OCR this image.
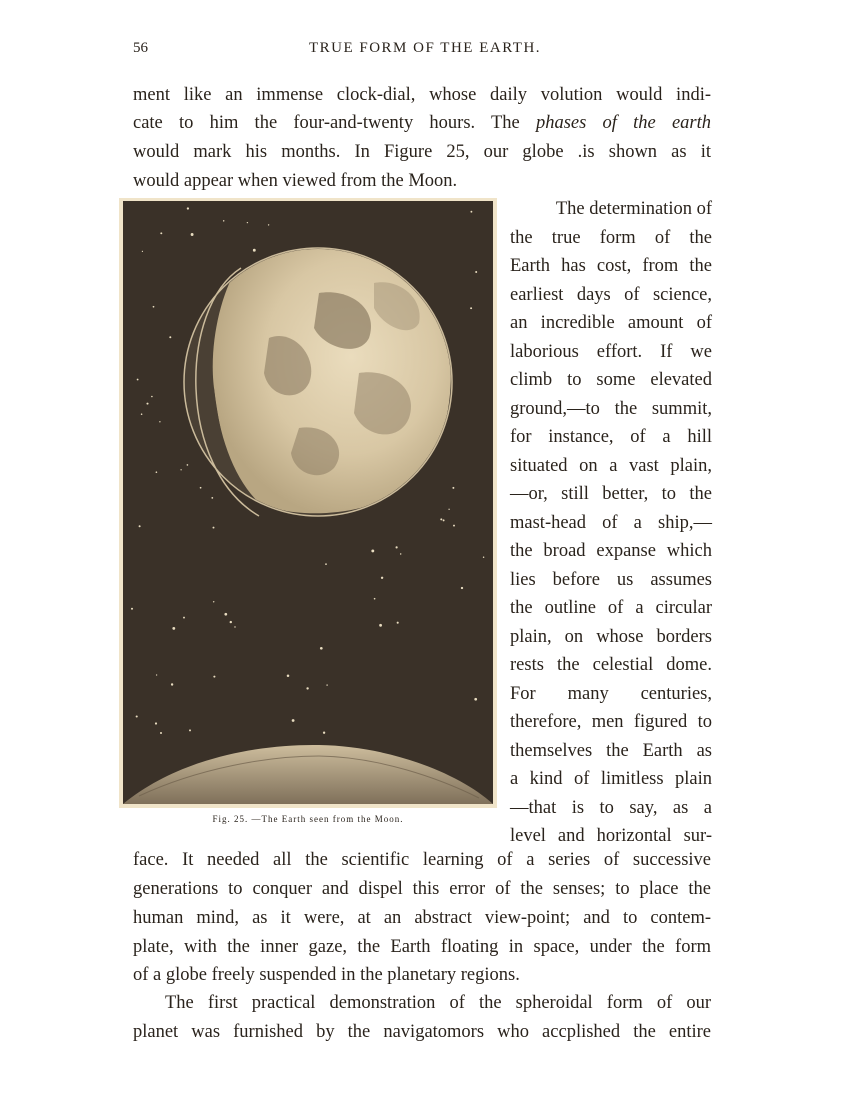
56	TRUE FORM OF THE EARTH.
ment like an immense clock-dial, whose daily volution would indi-
cate to him the four-and-twenty hours. The phases of the earth
would mark his months. In Figure 25, our globe .is shown as it
would appear when viewed from the Moon.
Fig. 25. —The Earth seen from the Moon.
The determination of
the true form of the
Earth has cost, from the
earliest days of science,
an incredible amount of
laborious effort. If we
climb to some elevated
ground,—to the summit,
for instance, of a hill
situated on a vast plain,
—or, still better, to the
mast-head of a ship,—
the broad expanse which
lies before us assumes
the outline of a circular
plain, on whose borders
rests the celestial dome.
For many centuries,
therefore, men figured to
themselves the Earth as
a kind of limitless plain
—that is to say, as a
level and horizontal sur-
face. It needed all the scientific learning of a series of successive
generations to conquer and dispel this error of the senses; to place the
human mind, as it were, at an abstract view-point; and to contem-
plate, with the inner gaze, the Earth floating in space, under the form
of a globe freely suspended in the planetary regions.
The first practical demonstration of the spheroidal form of our
planet was furnished by the navigatomors who accplished the entire
